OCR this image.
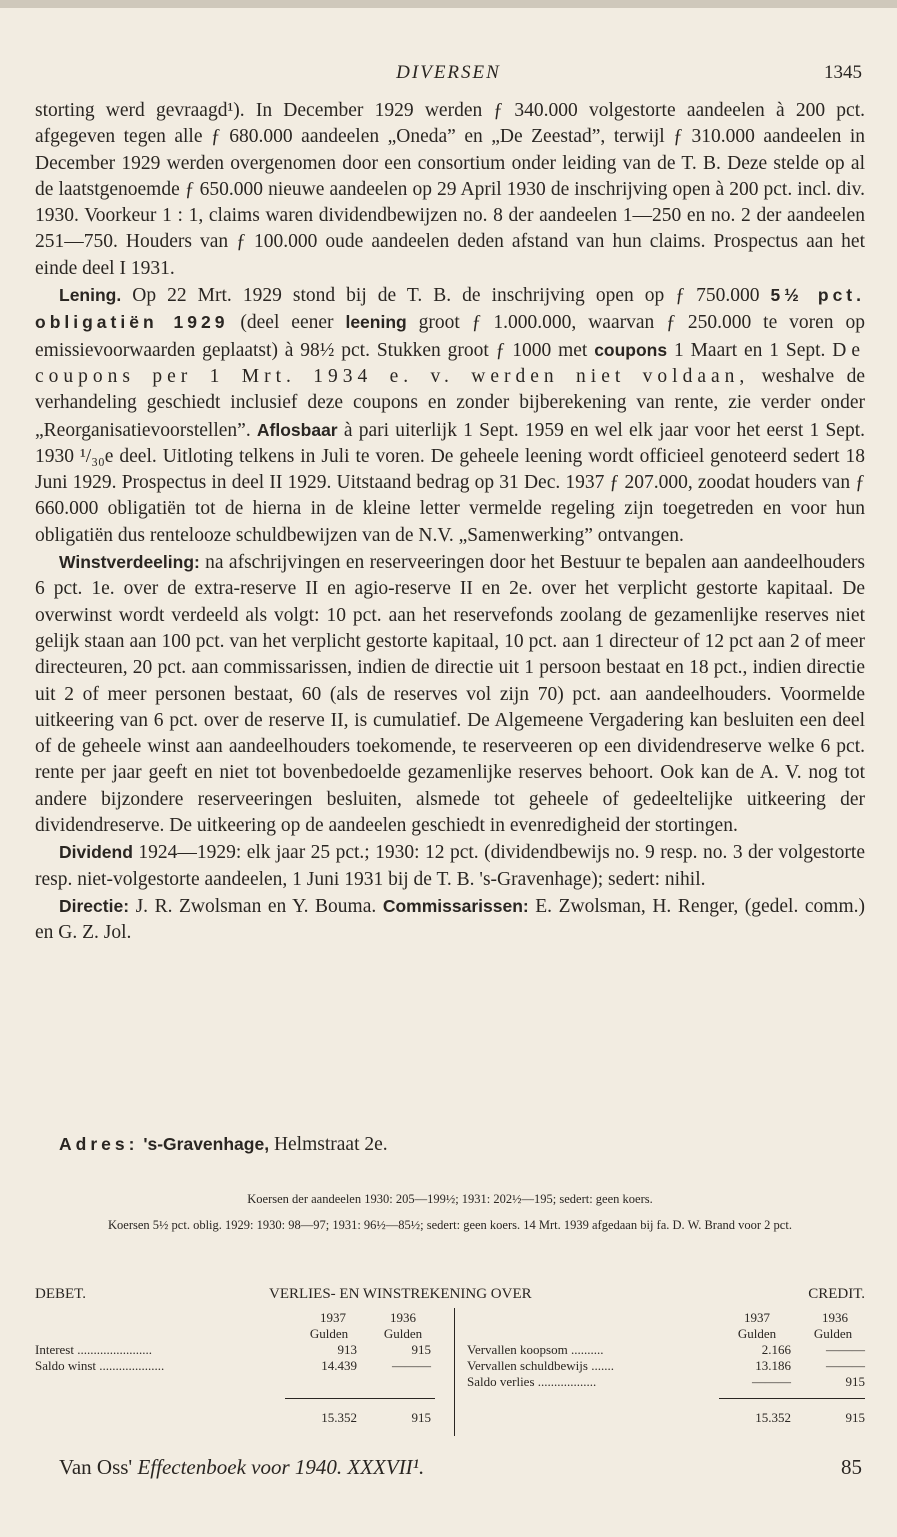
DIVERSEN	1345

storting werd gevraagd¹). In December 1929 werden ƒ 340.000 volgestorte aandeelen à 200 pct. afgegeven tegen alle ƒ 680.000 aandeelen „Oneda” en „De Zeestad”, terwijl ƒ 310.000 aandeelen in December 1929 werden overgenomen door een consortium onder leiding van de T. B. Deze stelde op al de laatstgenoemde ƒ 650.000 nieuwe aandeelen op 29 April 1930 de inschrijving open à 200 pct. incl. div. 1930. Voorkeur 1 : 1, claims waren dividendbewijzen no. 8 der aandeelen 1—250 en no. 2 der aandeelen 251—750. Houders van ƒ 100.000 oude aandeelen deden afstand van hun claims. Prospectus aan het einde deel I 1931.

Lening. Op 22 Mrt. 1929 stond bij de T. B. de inschrijving open op ƒ 750.000 5½ pct. obligatiën 1929 (deel eener leening groot ƒ 1.000.000, waarvan ƒ 250.000 te voren op emissievoorwaarden geplaatst) à 98½ pct. Stukken groot ƒ 1000 met coupons 1 Maart en 1 Sept. De coupons per 1 Mrt. 1934 e. v. werden niet voldaan, weshalve de verhandeling geschiedt inclusief deze coupons en zonder bijberekening van rente, zie verder onder „Reorganisatievoorstellen”. Aflosbaar à pari uiterlijk 1 Sept. 1959 en wel elk jaar voor het eerst 1 Sept. 1930 ¹/₃₀e deel. Uitloting telkens in Juli te voren. De geheele leening wordt officieel genoteerd sedert 18 Juni 1929. Prospectus in deel II 1929. Uitstaand bedrag op 31 Dec. 1937 ƒ 207.000, zoodat houders van ƒ 660.000 obligatiën tot de hierna in de kleine letter vermelde regeling zijn toegetreden en voor hun obligatiën dus rentelooze schuldbewijzen van de N.V. „Samenwerking” ontvangen.

Winstverdeeling: na afschrijvingen en reserveeringen door het Bestuur te bepalen aan aandeelhouders 6 pct. 1e. over de extra-reserve II en agio-reserve II en 2e. over het verplicht gestorte kapitaal. De overwinst wordt verdeeld als volgt: 10 pct. aan het reservefonds zoolang de gezamenlijke reserves niet gelijk staan aan 100 pct. van het verplicht gestorte kapitaal, 10 pct. aan 1 directeur of 12 pct aan 2 of meer directeuren, 20 pct. aan commissarissen, indien de directie uit 1 persoon bestaat en 18 pct., indien directie uit 2 of meer personen bestaat, 60 (als de reserves vol zijn 70) pct. aan aandeelhouders. Voormelde uitkeering van 6 pct. over de reserve II, is cumulatief. De Algemeene Vergadering kan besluiten een deel of de geheele winst aan aandeelhouders toekomende, te reserveeren op een dividendreserve welke 6 pct. rente per jaar geeft en niet tot bovenbedoelde gezamenlijke reserves behoort. Ook kan de A. V. nog tot andere bijzondere reserveeringen besluiten, alsmede tot geheele of gedeeltelijke uitkeering der dividendreserve. De uitkeering op de aandeelen geschiedt in evenredigheid der stortingen.

Dividend 1924—1929: elk jaar 25 pct.; 1930: 12 pct. (dividendbewijs no. 9 resp. no. 3 der volgestorte resp. niet-volgestorte aandeelen, 1 Juni 1931 bij de T. B. 's-Gravenhage); sedert: nihil.

Directie: J. R. Zwolsman en Y. Bouma. Commissarissen: E. Zwolsman, H. Renger, (gedel. comm.) en G. Z. Jol.

Adres: 's-Gravenhage, Helmstraat 2e.
Koersen der aandeelen 1930: 205—199½; 1931: 202½—195; sedert: geen koers.
Koersen 5½ pct. oblig. 1929: 1930: 98—97; 1931: 96½—85½; sedert: geen koers. 14 Mrt. 1939 afgedaan bij fa. D. W. Brand voor 2 pct.
DEBET.	VERLIES- EN WINSTREKENING OVER	CREDIT.
1937	1936
Gulden	Gulden
1937	1936
Gulden	Gulden
Interest .......................	913	915
Saldo winst ....................	14.439	———
Vervallen koopsom ..........	2.166	———
Vervallen schuldbewijs .......	13.186	———
Saldo verlies ..................	———	915
15.352	915	15.352	915
Van Oss' Effectenboek voor 1940. XXXVII¹.	85
